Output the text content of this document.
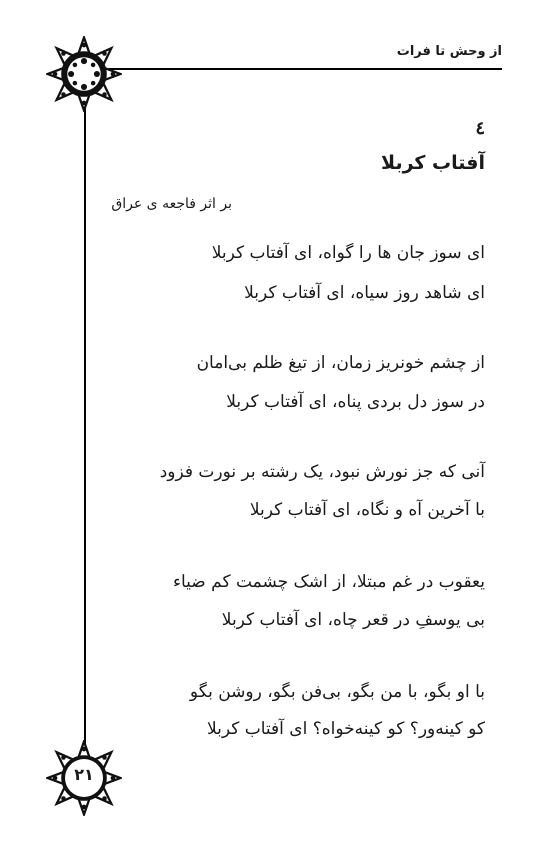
از وحش تا فرات
۲۱
٤
آفتاب کربلا
بر اثر فاجعه ی عراق
ای سوز جان ها را گواه، ای آفتاب کربلا
ای شاهد روز سیاه، ای آفتاب کربلا
از چشم خونریز زمان، از تیغ ظلم بی‌امان
در سوز دل بردی پناه، ای آفتاب کربلا
آنی که جز نورش نبود، یک رشته بر نورت فزود
با آخرین آه و نگاه، ای آفتاب کربلا
یعقوب در غم مبتلا، از اشک چشمت کم ضیاء
بی یوسفِ در قعر چاه، ای آفتاب کربلا
با او بگو، با من بگو، بی‌فن بگو، روشن بگو
کو کینه‌ور؟ کو کینه‌خواه؟ ای آفتاب کربلا
